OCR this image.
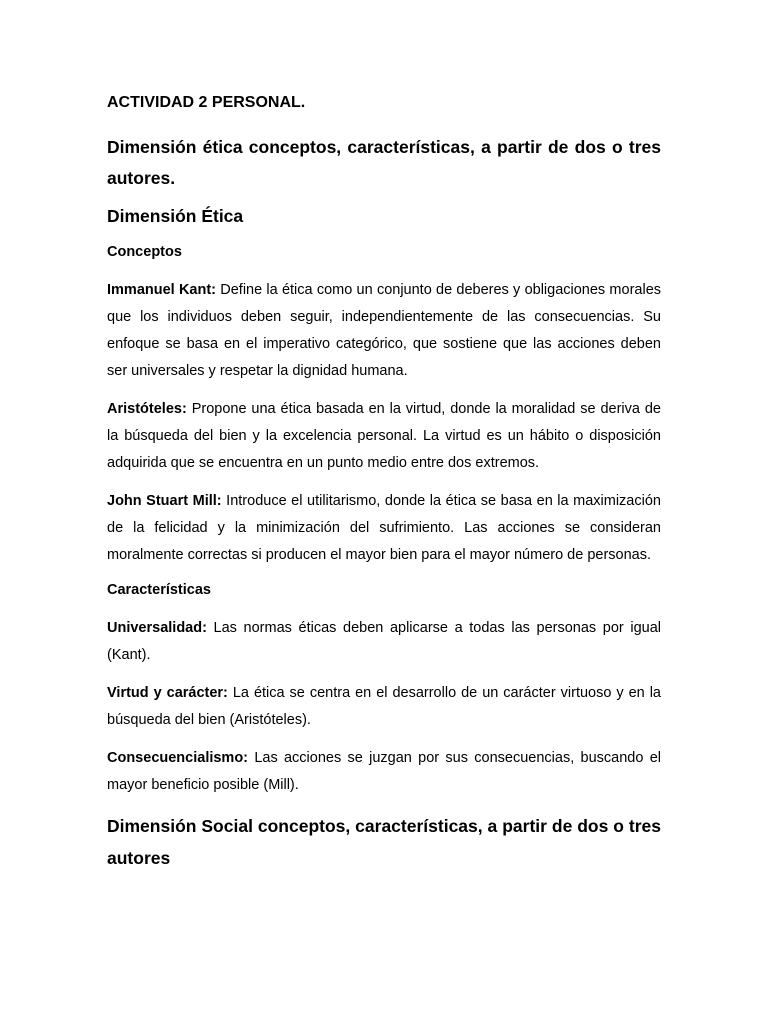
ACTIVIDAD 2 PERSONAL.
Dimensión ética conceptos, características, a partir de dos o tres autores.
Dimensión Ética
Conceptos

Immanuel Kant: Define la ética como un conjunto de deberes y obligaciones morales que los individuos deben seguir, independientemente de las consecuencias. Su enfoque se basa en el imperativo categórico, que sostiene que las acciones deben ser universales y respetar la dignidad humana.

Aristóteles: Propone una ética basada en la virtud, donde la moralidad se deriva de la búsqueda del bien y la excelencia personal. La virtud es un hábito o disposición adquirida que se encuentra en un punto medio entre dos extremos.

John Stuart Mill: Introduce el utilitarismo, donde la ética se basa en la maximización de la felicidad y la minimización del sufrimiento. Las acciones se consideran moralmente correctas si producen el mayor bien para el mayor número de personas.

Características

Universalidad: Las normas éticas deben aplicarse a todas las personas por igual (Kant).

Virtud y carácter: La ética se centra en el desarrollo de un carácter virtuoso y en la búsqueda del bien (Aristóteles).

Consecuencialismo: Las acciones se juzgan por sus consecuencias, buscando el mayor beneficio posible (Mill).

Dimensión Social conceptos, características, a partir de dos o tres autores
